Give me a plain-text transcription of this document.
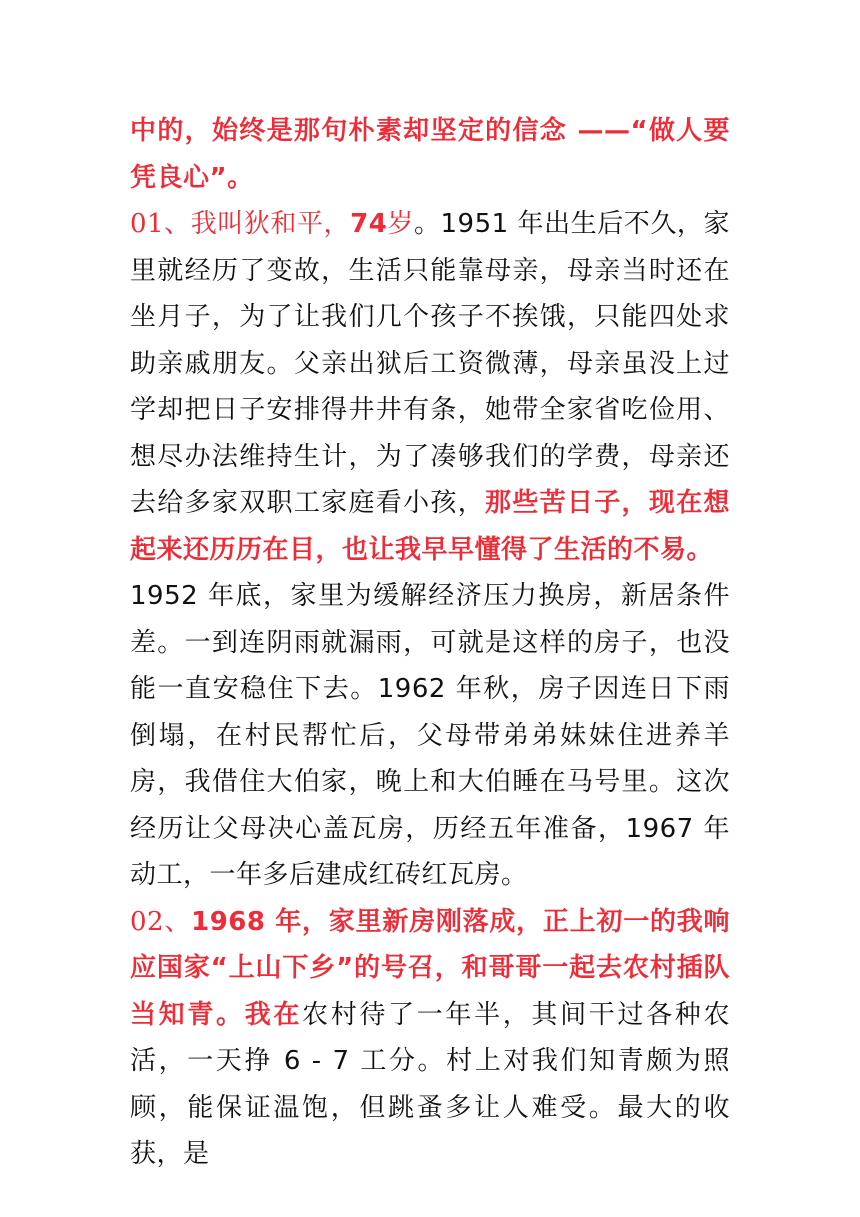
中的，始终是那句朴素却坚定的信念 ——“做人要凭良心”。

01、我叫狄和平，74岁。1951 年出生后不久，家里就经历了变故，生活只能靠母亲，母亲当时还在坐月子，为了让我们几个孩子不挨饿，只能四处求助亲戚朋友。父亲出狱后工资微薄，母亲虽没上过学却把日子安排得井井有条，她带全家省吃俭用、想尽办法维持生计，为了凑够我们的学费，母亲还去给多家双职工家庭看小孩，那些苦日子，现在想起来还历历在目，也让我早早懂得了生活的不易。

1952 年底，家里为缓解经济压力换房，新居条件差。一到连阴雨就漏雨，可就是这样的房子，也没能一直安稳住下去。1962 年秋，房子因连日下雨倒塌，在村民帮忙后，父母带弟弟妹妹住进养羊房，我借住大伯家，晚上和大伯睡在马号里。这次经历让父母决心盖瓦房，历经五年准备，1967 年动工，一年多后建成红砖红瓦房。

02、1968 年，家里新房刚落成，正上初一的我响应国家“上山下乡”的号召，和哥哥一起去农村插队当知青。我在农村待了一年半，其间干过各种农活，一天挣 6 - 7 工分。村上对我们知青颇为照顾，能保证温饱，但跳蚤多让人难受。最大的收获，是
